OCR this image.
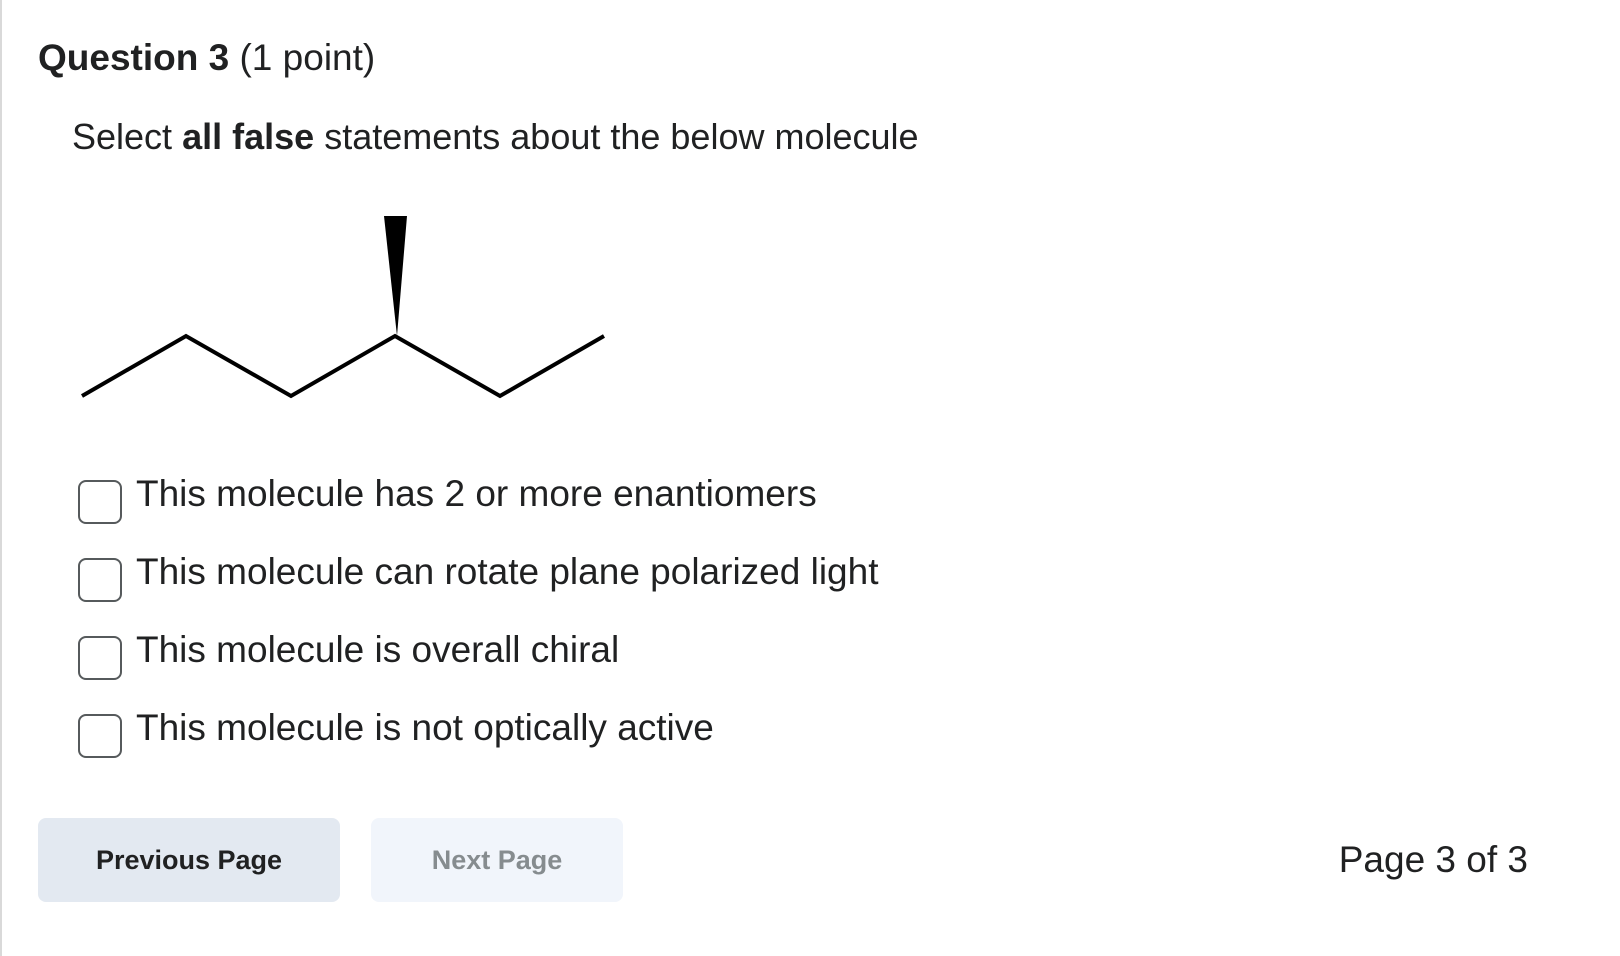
Question 3 (1 point)
Select all false statements about the below molecule
This molecule has 2 or more enantiomers
This molecule can rotate plane polarized light
This molecule is overall chiral
This molecule is not optically active
Previous Page	Next Page	Page 3 of 3
